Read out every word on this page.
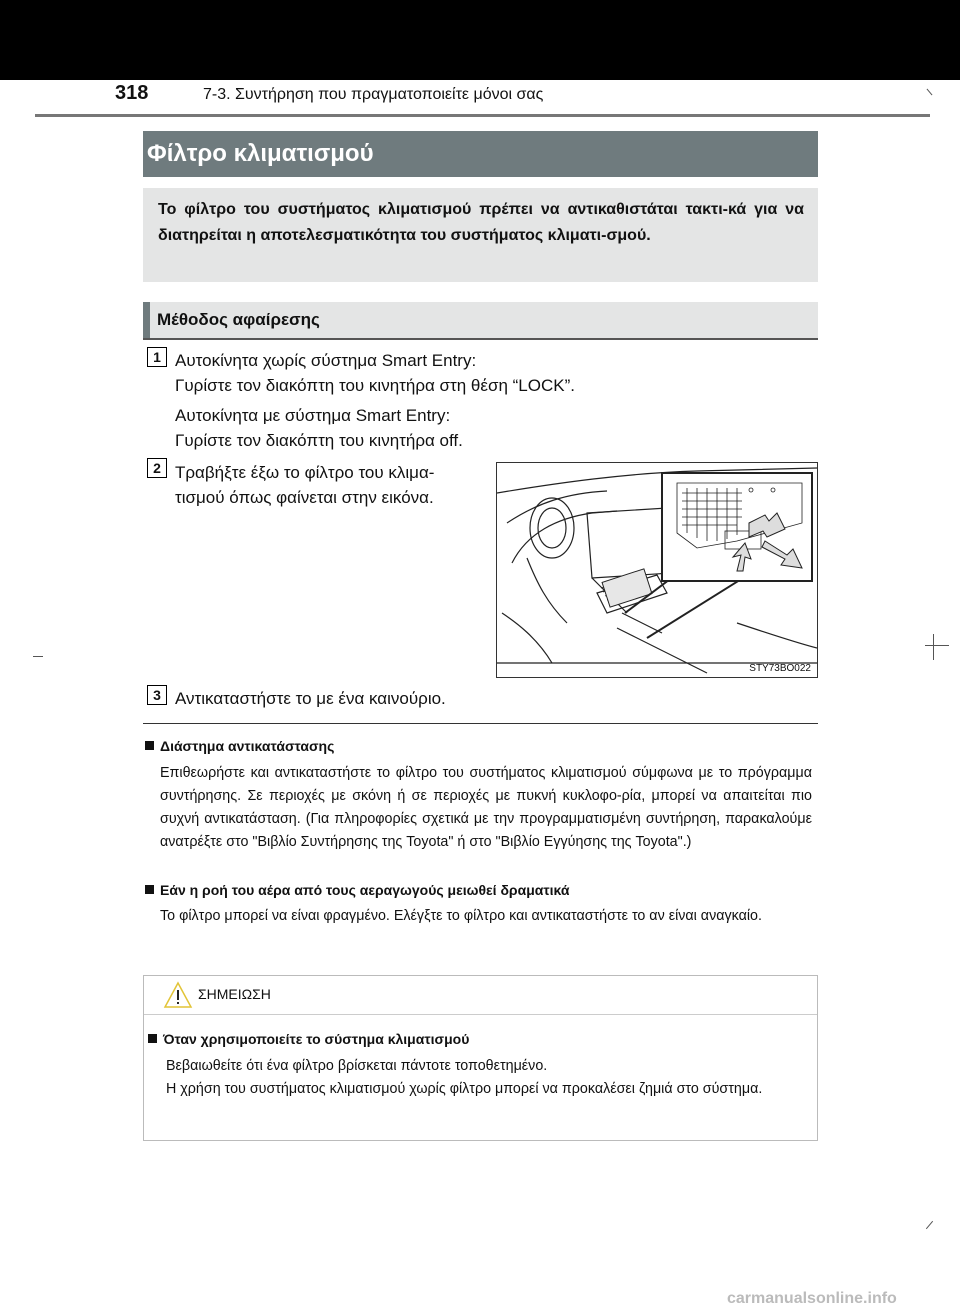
318	7-3. Συντήρηση που πραγματοποιείτε μόνοι σας
Φίλτρο κλιματισμού
Το φίλτρο του συστήματος κλιματισμού πρέπει να αντικαθιστάται τακτι-κά για να διατηρείται η αποτελεσματικότητα του συστήματος κλιματι-σμού.
Μέθοδος αφαίρεσης
1 Αυτοκίνητα χωρίς σύστημα Smart Entry:
Γυρίστε τον διακόπτη του κινητήρα στη θέση “LOCK”.
Αυτοκίνητα με σύστημα Smart Entry:
Γυρίστε τον διακόπτη του κινητήρα off.
2 Τραβήξτε έξω το φίλτρο του κλιμα-
τισμού όπως φαίνεται στην εικόνα.
STY73BO022
3 Αντικαταστήστε το με ένα καινούριο.
Διάστημα αντικατάστασης
Επιθεωρήστε και αντικαταστήστε το φίλτρο του συστήματος κλιματισμού σύμφωνα με το πρόγραμμα συντήρησης. Σε περιοχές με σκόνη ή σε περιοχές με πυκνή κυκλοφο-ρία, μπορεί να απαιτείται πιο συχνή αντικατάσταση. (Για πληροφορίες σχετικά με την προγραμματισμένη συντήρηση, παρακαλούμε ανατρέξτε στο "Βιβλίο Συντήρησης της Toyota" ή στο "Βιβλίο Εγγύησης της Toyota".)
Εάν η ροή του αέρα από τους αεραγωγούς μειωθεί δραματικά
Το φίλτρο μπορεί να είναι φραγμένο. Ελέγξτε το φίλτρο και αντικαταστήστε το αν είναι αναγκαίο.
ΣΗΜΕΙΩΣΗ
Όταν χρησιμοποιείτε το σύστημα κλιματισμού
Βεβαιωθείτε ότι ένα φίλτρο βρίσκεται πάντοτε τοποθετημένο.
Η χρήση του συστήματος κλιματισμού χωρίς φίλτρο μπορεί να προκαλέσει ζημιά στο σύστημα.
carmanualsonline.info
